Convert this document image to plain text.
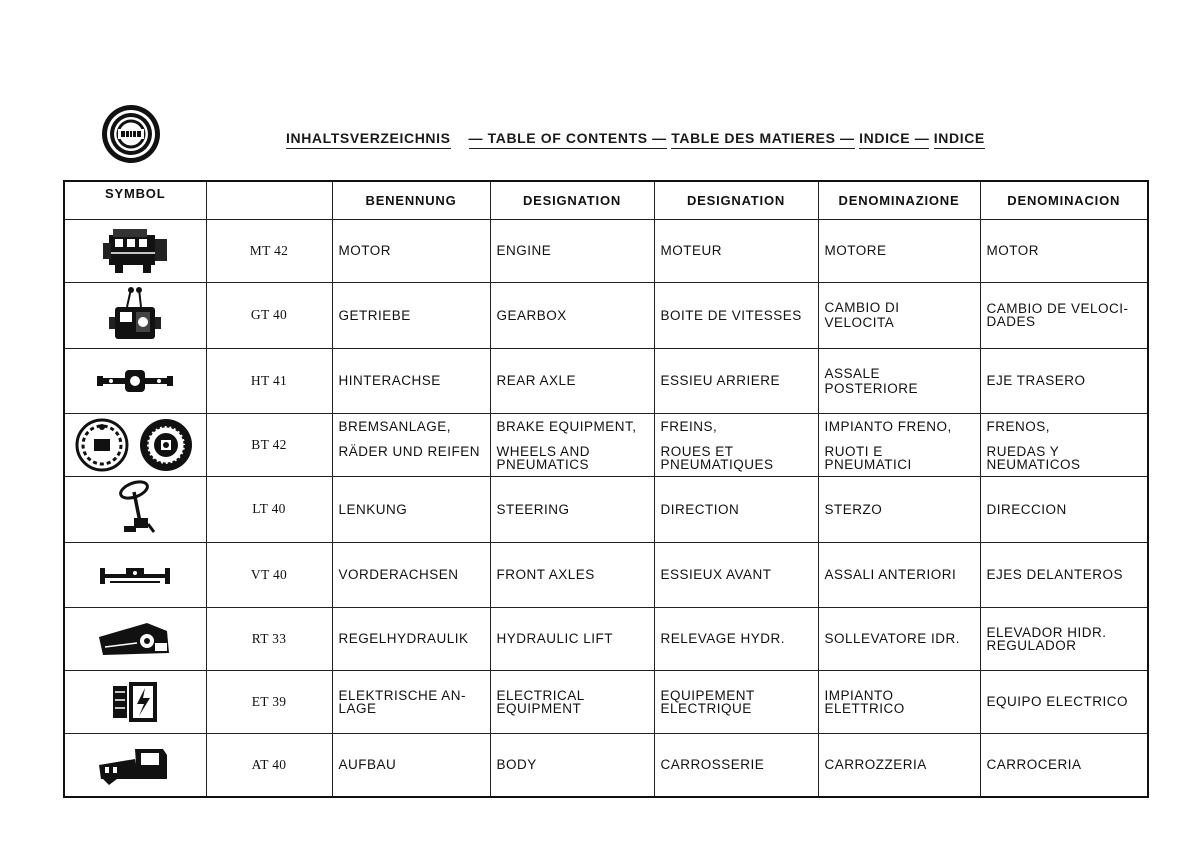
INHALTSVERZEICHNIS — TABLE OF CONTENTS — TABLE DES MATIERES — INDICE — INDICE
SYMBOL		BENENNUNG	DESIGNATION	DESIGNATION	DENOMINAZIONE	DENOMINACION

	MT 42	MOTOR	ENGINE	MOTEUR	MOTORE	MOTOR

	GT 40	GETRIEBE	GEARBOX	BOITE DE VITESSES	CAMBIO DI VELOCITA	CAMBIO DE VELOCI-
DADES

	HT 41	HINTERACHSE	REAR AXLE	ESSIEU ARRIERE	ASSALE POSTERIORE	EJE TRASERO

	BT 42	BREMSANLAGE,
RÄDER UND REIFEN	BRAKE EQUIPMENT,
WHEELS AND
PNEUMATICS	FREINS,
ROUES ET
PNEUMATIQUES	IMPIANTO FRENO,
RUOTI E
PNEUMATICI	FRENOS,
RUEDAS Y
NEUMATICOS

	LT 40	LENKUNG	STEERING	DIRECTION	STERZO	DIRECCION

	VT 40	VORDERACHSEN	FRONT AXLES	ESSIEUX AVANT	ASSALI ANTERIORI	EJES DELANTEROS

	RT 33	REGELHYDRAULIK	HYDRAULIC LIFT	RELEVAGE HYDR.	SOLLEVATORE IDR.	ELEVADOR HIDR.
REGULADOR

	ET 39	ELEKTRISCHE AN-
LAGE	ELECTRICAL
EQUIPMENT	EQUIPEMENT
ELECTRIQUE	IMPIANTO
ELETTRICO	EQUIPO ELECTRICO

	AT 40	AUFBAU	BODY	CARROSSERIE	CARROZZERIA	CARROCERIA
